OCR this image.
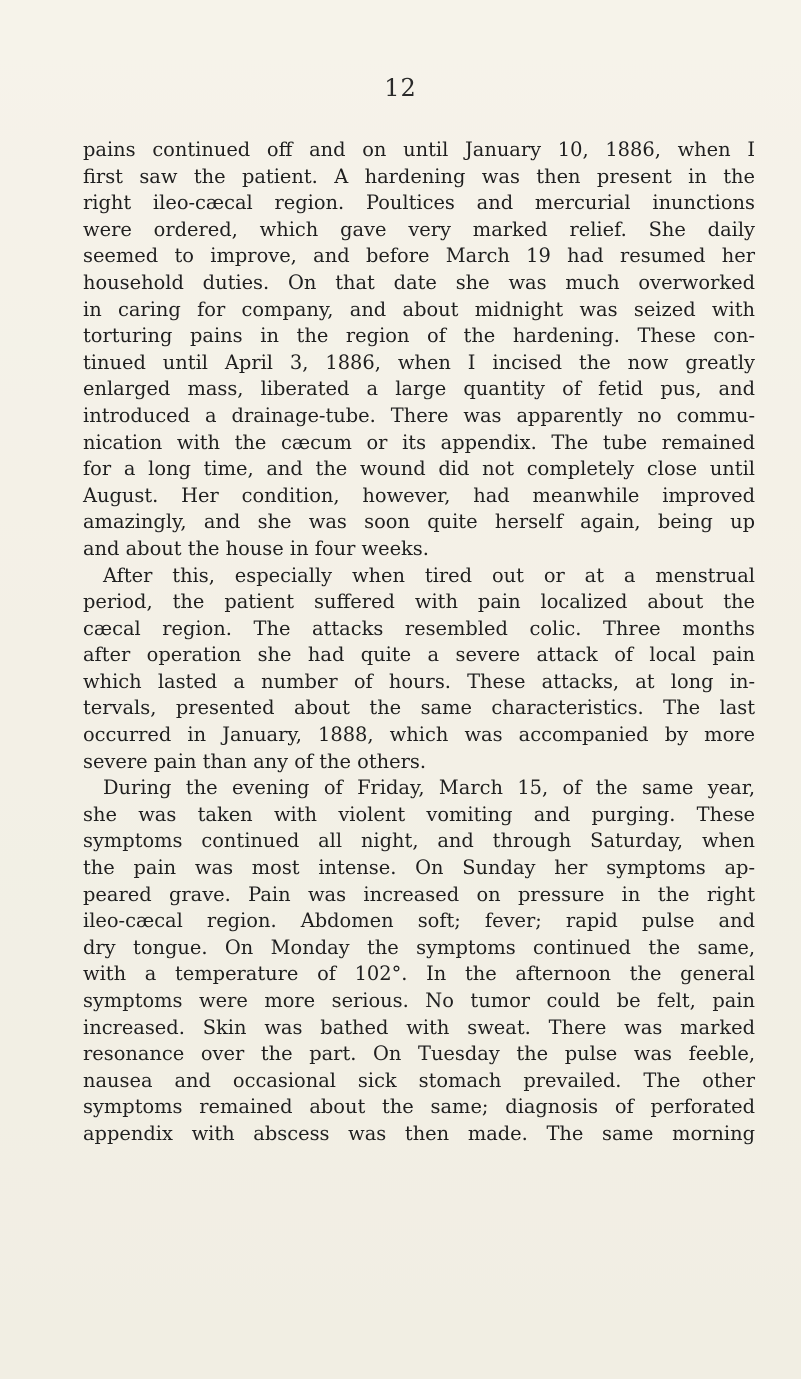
12
pains continued off and on until January 10, 1886, when I
first saw the patient. A hardening was then present in the
right ileo-cæcal region. Poultices and mercurial inunctions
were ordered, which gave very marked relief. She daily
seemed to improve, and before March 19 had resumed her
household duties. On that date she was much overworked
in caring for company, and about midnight was seized with
torturing pains in the region of the hardening. These con-
tinued until April 3, 1886, when I incised the now greatly
enlarged mass, liberated a large quantity of fetid pus, and
introduced a drainage-tube. There was apparently no commu-
nication with the cæcum or its appendix. The tube remained
for a long time, and the wound did not completely close until
August. Her condition, however, had meanwhile improved
amazingly, and she was soon quite herself again, being up
and about the house in four weeks.
After this, especially when tired out or at a menstrual
period, the patient suffered with pain localized about the
cæcal region. The attacks resembled colic. Three months
after operation she had quite a severe attack of local pain
which lasted a number of hours. These attacks, at long in-
tervals, presented about the same characteristics. The last
occurred in January, 1888, which was accompanied by more
severe pain than any of the others.
During the evening of Friday, March 15, of the same year,
she was taken with violent vomiting and purging. These
symptoms continued all night, and through Saturday, when
the pain was most intense. On Sunday her symptoms ap-
peared grave. Pain was increased on pressure in the right
ileo-cæcal region. Abdomen soft; fever; rapid pulse and
dry tongue. On Monday the symptoms continued the same,
with a temperature of 102°. In the afternoon the general
symptoms were more serious. No tumor could be felt, pain
increased. Skin was bathed with sweat. There was marked
resonance over the part. On Tuesday the pulse was feeble,
nausea and occasional sick stomach prevailed. The other
symptoms remained about the same; diagnosis of perforated
appendix with abscess was then made. The same morning
